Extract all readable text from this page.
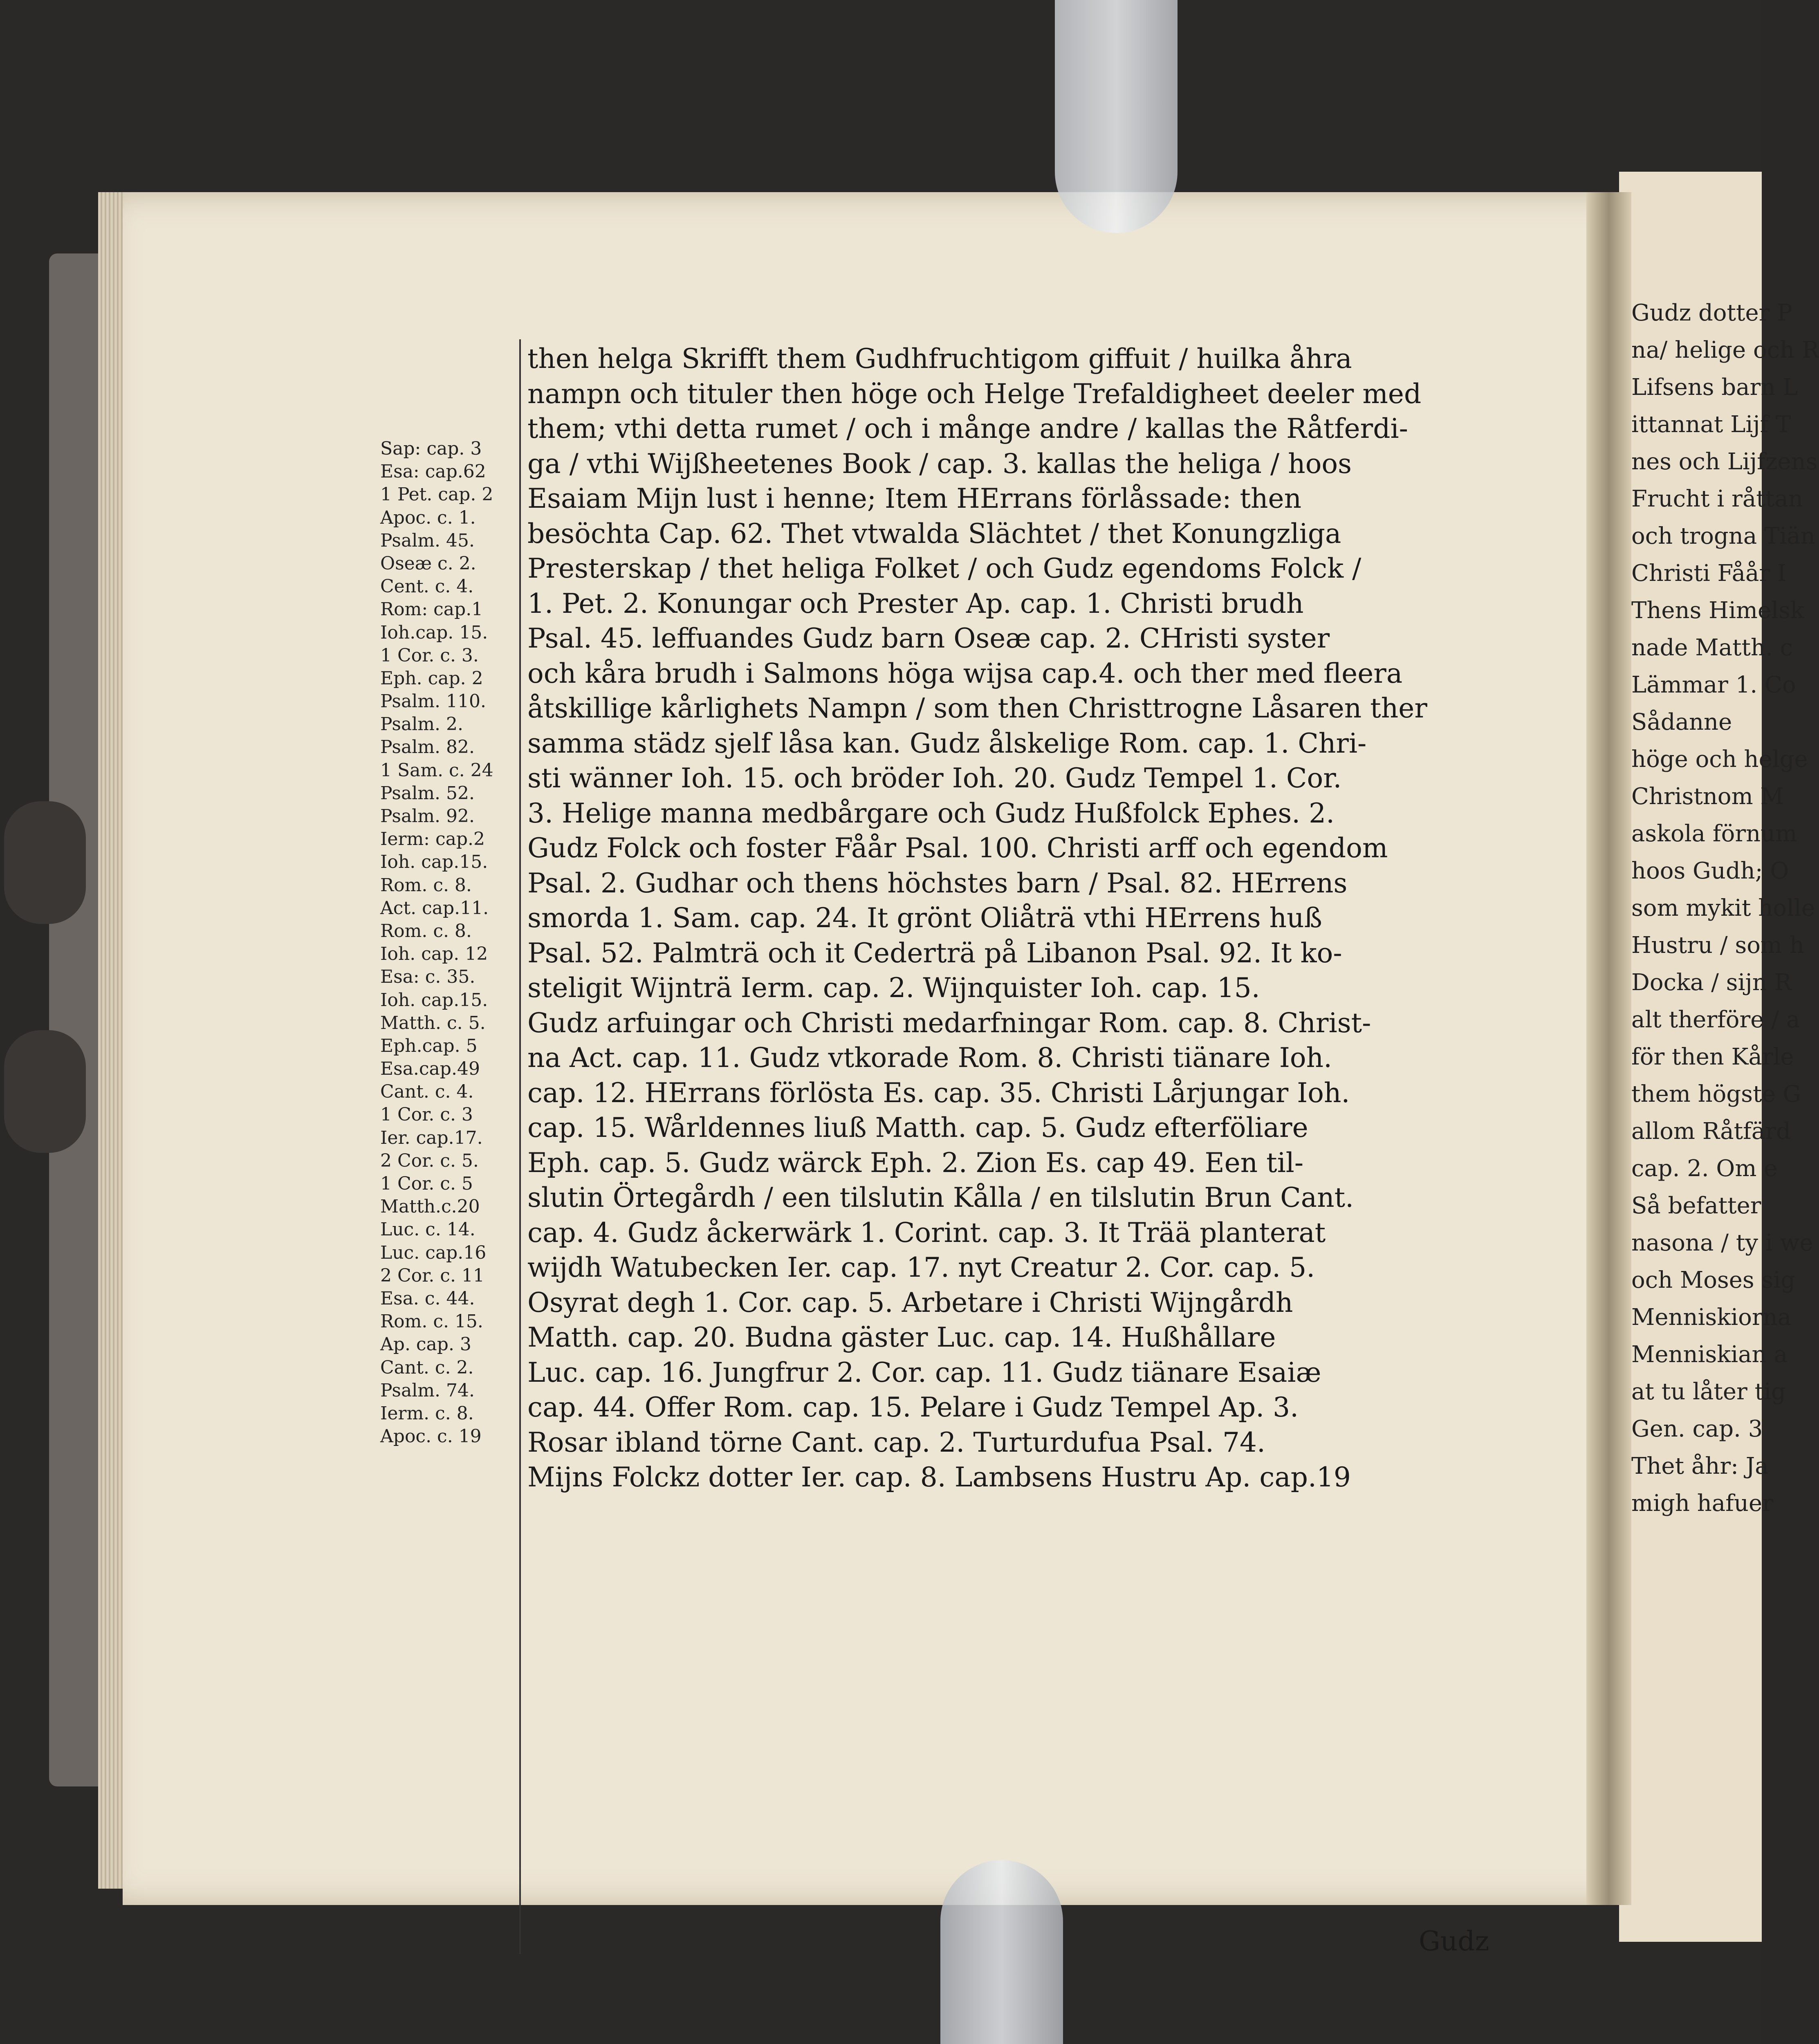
Sap: cap. 3
Esa: cap.62
1 Pet. cap. 2
Apoc. c. 1.
Psalm. 45.
Oseæ c. 2.
Cent. c. 4.
Rom: cap.1
Ioh.cap. 15.
1 Cor. c. 3.
Eph. cap. 2
Psalm. 110.
Psalm. 2.
Psalm. 82.
1 Sam. c. 24
Psalm. 52.
Psalm. 92.
Ierm: cap.2
Ioh. cap.15.
Rom. c. 8.
Act. cap.11.
Rom. c. 8.
Ioh. cap. 12
Esa: c. 35.
Ioh. cap.15.
Matth. c. 5.
Eph.cap. 5
Esa.cap.49
Cant. c. 4.
1 Cor. c. 3
Ier. cap.17.
2 Cor. c. 5.
1 Cor. c. 5
Matth.c.20
Luc. c. 14.
Luc. cap.16
2 Cor. c. 11
Esa. c. 44.
Rom. c. 15.
Ap. cap. 3
Cant. c. 2.
Psalm. 74.
Ierm. c. 8.
Apoc. c. 19
then helga Skrifft them Gudhfruchtigom giffuit / huilka åhra
nampn och tituler then höge och Helge Trefaldigheet deeler med
them; vthi detta rumet / och i månge andre / kallas the Råtferdi-
ga / vthi Wijßheetenes Book / cap. 3. kallas the heliga / hoos
Esaiam Mijn lust i henne; Item HErrans förlåssade: then
besöchta Cap. 62. Thet vtwalda Slächtet / thet Konungzliga
Presterskap / thet heliga Folket / och Gudz egendoms Folck /
1. Pet. 2. Konungar och Prester Ap. cap. 1. Christi brudh
Psal. 45. leffuandes Gudz barn Oseæ cap. 2. CHristi syster
och kåra brudh i Salmons höga wijsa cap.4. och ther med fleera
åtskillige kårlighets Nampn / som then Christtrogne Låsaren ther
samma städz sjelf låsa kan. Gudz ålskelige Rom. cap. 1. Chri-
sti wänner Ioh. 15. och bröder Ioh. 20. Gudz Tempel 1. Cor.
3. Helige manna medbårgare och Gudz Hußfolck Ephes. 2.
Gudz Folck och foster Fåår Psal. 100. Christi arff och egendom
Psal. 2. Gudhar och thens höchstes barn / Psal. 82. HErrens
smorda 1. Sam. cap. 24. It grönt Oliåträ vthi HErrens huß
Psal. 52. Palmträ och it Cederträ på Libanon Psal. 92. It ko-
steligit Wijnträ Ierm. cap. 2. Wijnquister Ioh. cap. 15.
Gudz arfuingar och Christi medarfningar Rom. cap. 8. Christ-
na Act. cap. 11. Gudz vtkorade Rom. 8. Christi tiänare Ioh.
cap. 12. HErrans förlösta Es. cap. 35. Christi Lårjungar Ioh.
cap. 15. Wårldennes liuß Matth. cap. 5. Gudz efterföliare
Eph. cap. 5. Gudz wärck Eph. 2. Zion Es. cap 49. Een til-
slutin Örtegårdh / een tilslutin Kålla / en tilslutin Brun Cant.
cap. 4. Gudz åckerwärk 1. Corint. cap. 3. It Trää planterat
wijdh Watubecken Ier. cap. 17. nyt Creatur 2. Cor. cap. 5.
Osyrat degh 1. Cor. cap. 5. Arbetare i Christi Wijngårdh
Matth. cap. 20. Budna gäster Luc. cap. 14. Hußhållare
Luc. cap. 16. Jungfrur 2. Cor. cap. 11. Gudz tiänare Esaiæ
cap. 44. Offer Rom. cap. 15. Pelare i Gudz Tempel Ap. 3.
Rosar ibland törne Cant. cap. 2. Turturdufua Psal. 74.
Mijns Folckz dotter Ier. cap. 8. Lambsens Hustru Ap. cap.19
Gudz
Gudz dotter P
na/ helige och R
Lifsens barn L
ittannat Lijf T
nes och Lijfzens
Frucht i råttan
och trogna Tiän
Christi Fåår I
Thens Himelsk
nade Matth. c
Lämmar 1. Co
Sådanne
höge och helge
Christnom M
askola förnum
hoos Gudh; O
som mykit holle
Hustru / som h
Docka / sijn R
alt therföre / a
för then Kårle
them högste G
allom Råtfärd
cap. 2. Om e
Så befatter
nasona / ty i we
och Moses sig
Menniskiorna
Menniskian a
at tu låter tig
Gen. cap. 3
Thet åhr: Ja
migh hafuer
